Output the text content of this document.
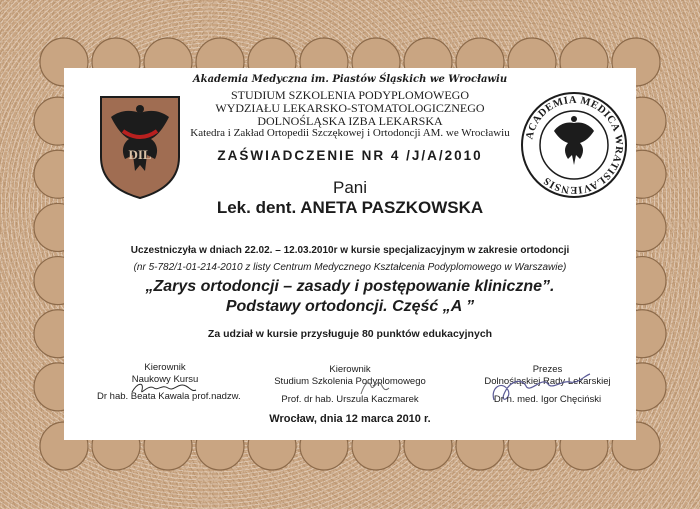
DIL
ACADEMIA MEDICA WRATISLAVIENSIS
Akademia Medyczna im. Piastów Śląskich we Wrocławiu
STUDIUM SZKOLENIA PODYPLOMOWEGO
WYDZIAŁU LEKARSKO-STOMATOLOGICZNEGO
DOLNOŚLĄSKA IZBA LEKARSKA
Katedra i Zakład Ortopedii Szczękowej i Ortodoncji AM. we Wrocławiu
ZAŚWIADCZENIE NR 4 /J/A/2010
Pani
Lek. dent. ANETA PASZKOWSKA
Uczestniczyła w dniach 22.02. – 12.03.2010r w kursie specjalizacyjnym w zakresie ortodoncji
(nr 5-782/1-01-214-2010 z listy Centrum Medycznego Kształcenia Podyplomowego w Warszawie)
„Zarys ortodoncji – zasady i postępowanie kliniczne”.
Podstawy ortodoncji. Część „A ”
Za udział w kursie przysługuje 80 punktów edukacyjnych
Kierownik
Naukowy Kursu
Dr hab. Beata Kawala prof.nadzw.
Kierownik
Studium Szkolenia Podyplomowego
Prof. dr hab. Urszula Kaczmarek
Prezes
Dolnośląskiej Rady Lekarskiej
Dr n. med. Igor Chęciński
Wrocław, dnia 12 marca 2010 r.
